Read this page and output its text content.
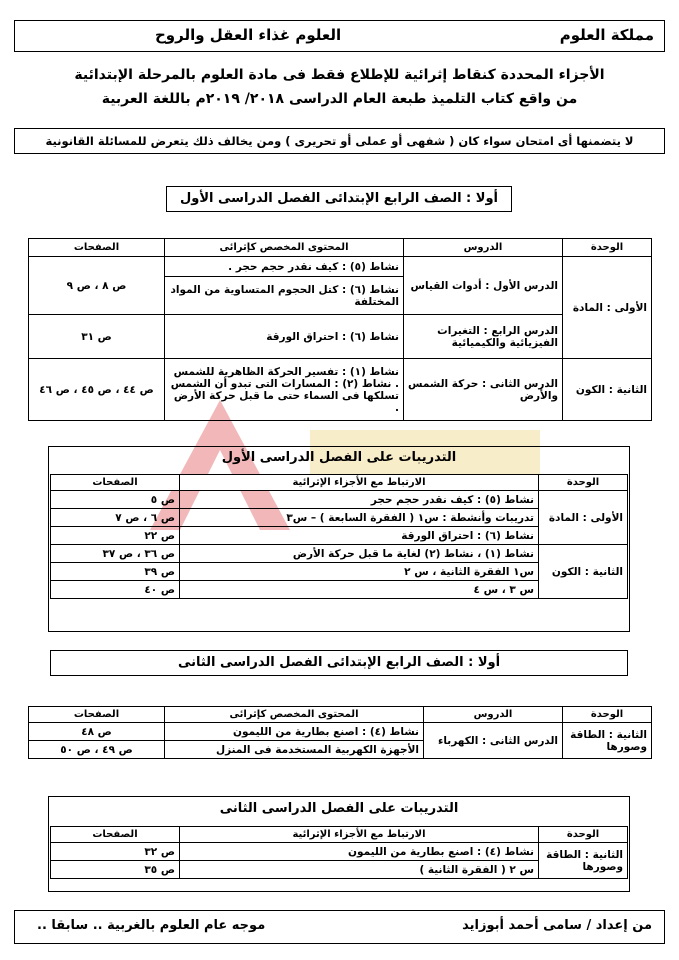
مملكة العلوم
العلوم غذاء العقل والروح
الأجزاء المحددة كنقاط إثرائية للإطلاع فقط فى مادة العلوم بالمرحلة الإبتدائية
من واقع كتاب التلميذ طبعة العام الدراسى ٢٠١٨/ ٢٠١٩م باللغة العربية
لا يتضمنها أى امتحان سواء كان ( شفهى أو عملى أو تحريرى ) ومن يخالف ذلك يتعرض للمسائلة القانونية
أولا : الصف الرابع الإبتدائى الفصل الدراسى الأول
الوحدة	الدروس	المحتوى المخصص كإثرائى	الصفحات
الأولى : المادة	الدرس الأول : أدوات القياس	نشاط (٥) : كيف نقدر حجم حجر .	ص ٨ ، ص ٩
		نشاط (٦) : كتل الحجوم المتساوية من المواد المختلفة	
	الدرس الرابع : التغيرات الفيزيائية والكيميائية	نشاط (٦) : احتراق الورقة	ص ٣١
الثانية : الكون	الدرس الثانى : حركة الشمس والأرض	نشاط (١) : تفسير الحركة الظاهرية للشمس . نشاط (٢) : المسارات التى تبدو أن الشمس تسلكها فى السماء حتى ما قبل حركة الأرض .	ص ٤٤ ، ص ٤٥ ، ص ٤٦
التدريبات على الفصل الدراسى الأول
الوحدة	الارتباط مع الأجزاء الإثرائية	الصفحات
الأولى : المادة	نشاط (٥) : كيف نقدر حجم حجر	ص ٥
	تدريبات وأنشطة : س١ ( الفقرة السابعة ) – س٣	ص ٦ ، ص ٧
	نشاط (٦) : احتراق الورقة	ص ٢٢
الثانية : الكون	نشاط (١) ، نشاط (٢) لغاية ما قبل حركة الأرض	ص ٣٦ ، ص ٣٧
	س١ الفقرة الثانية ، س ٢	ص ٣٩
	س ٣ ، س ٤	ص ٤٠
أولا : الصف الرابع الإبتدائى الفصل الدراسى الثانى
الوحدة	الدروس	المحتوى المخصص كإثرائى	الصفحات
الثانية : الطاقة وصورها	الدرس الثانى : الكهرباء	نشاط (٤) : اصنع بطارية من الليمون	ص ٤٨
		الأجهزة الكهربية المستخدمة فى المنزل	ص ٤٩ ، ص ٥٠
التدريبات على الفصل الدراسى الثانى
الوحدة	الارتباط مع الأجزاء الإثرائية	الصفحات
الثانية : الطاقة وصورها	نشاط (٤) : اصنع بطارية من الليمون	ص ٣٢
	س ٢ ( الفقرة الثانية )	ص ٣٥
من إعداد / سامى أحمد أبوزايد
موجه عام العلوم بالغربية .. سابقا ..
